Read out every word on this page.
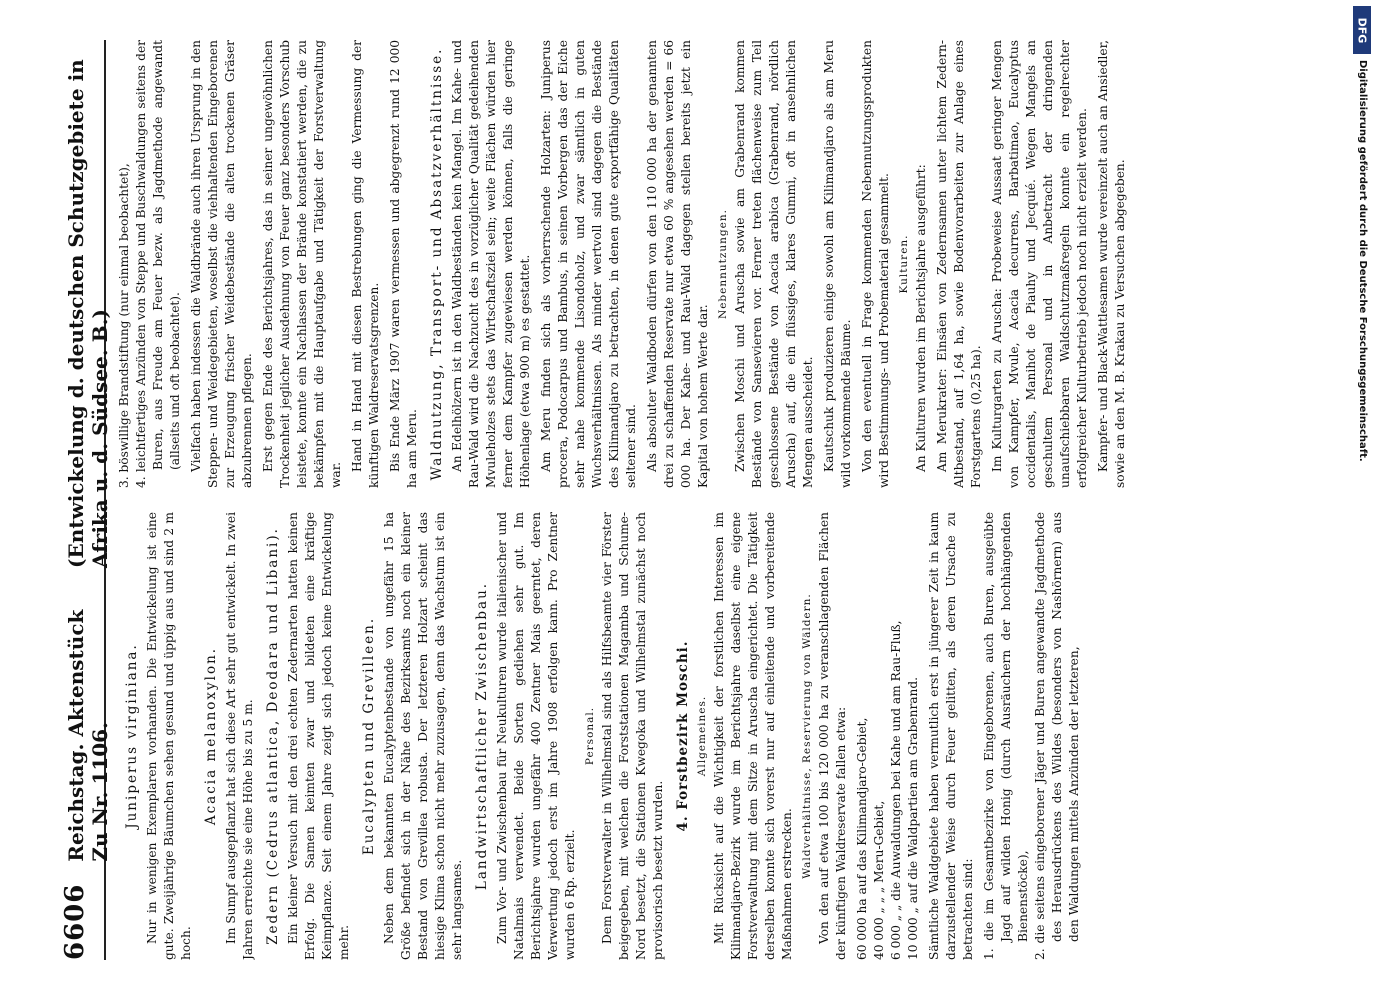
6606
Reichstag. Aktenstück Zu Nr. 1106.
(Entwickelung d. deutschen Schutzgebiete in Afrika u. d. Südsee. B.)
Juniperus virginiana. Nur in wenigen Exemplaren vorhanden. Die Entwickelung ist eine gute. Zweijährige Bäumchen sehen gesund und üppig aus und sind 2 m hoch.

Acacia melanoxylon. Im Sumpf ausgepflanzt hat sich diese Art sehr gut entwickelt. In zwei Jahren erreichte sie eine Höhe bis zu 5 m. Zedern (Cedrus atlantica, Deodara und Libani). Ein kleiner Versuch mit den drei echten Zedernarten hatten keinen Erfolg. Die Samen keimten zwar und bildeten eine kräftige Keimpflanze. Seit einem Jahre zeigt sich jedoch keine Entwickelung mehr.

Eucalypten und Grevilleen. Neben dem bekannten Eucalyptenbestande von ungefähr 15 ha Größe befindet sich in der Nähe des Bezirksamts noch ein kleiner Bestand von Grevillea robusta. Der letzteren Holzart scheint das hiesige Klima schon nicht mehr zuzusagen, denn das Wachstum ist ein sehr langsames.

Landwirtschaftlicher Zwischenbau. Zum Vor- und Zwischenbau für Neukulturen wurde italienischer und Natalmais verwendet. Beide Sorten gediehen sehr gut. Im Berichtsjahre wurden ungefähr 400 Zentner Mais geerntet, deren Verwertung jedoch erst im Jahre 1908 erfolgen kann. Pro Zentner wurden 6 Rp. erzielt.

Personal. Dem Forstverwalter in Wilhelmstal sind als Hilfsbeamte vier Förster beigegeben, mit welchen die Forststationen Magamba und Schume-Nord besetzt, die Stationen Kwegoka und Wilhelmstal zunächst noch provisorisch besetzt wurden.

4. Forstbezirk Moschi. Allgemeines. Mit Rücksicht auf die Wichtigkeit der forstlichen Interessen im Kilimandjaro-Bezirk wurde im Berichtsjahre daselbst eine eigene Forstverwaltung mit dem Sitze in Aruscha eingerichtet. Die Tätigkeit derselben konnte sich vorerst nur auf einleitende und vorbereitende Maßnahmen erstrecken.

Waldverhältnisse, Reservierung von Wäldern. Von den auf etwa 100 bis 120 000 ha zu veranschlagenden Flächen der künftigen Waldreservate fallen etwa: 60 000 ha auf das Kilimandjaro-Gebiet, 40 000 „ „ „ Meru-Gebiet, 6 000 „ „ die Auwaldungen bei Kahe und am Rau-Fluß, 10 000 „ auf die Waldpartien am Grabenrand. Sämtliche Waldgebiete haben vermutlich erst in jüngerer Zeit in kaum darzustellender Weise durch Feuer gelitten, als deren Ursache zu betrachten sind: 1. die im Gesamtbezirke von Eingeborenen, auch Buren, ausgeübte Jagd auf wilden Honig (durch Ausräuchern der hochhängenden Bienenstöcke), 2. die seitens eingeborener Jäger und Buren angewandte Jagdmethode des Herausdrückens des Wildes (besonders von Nashörnern) aus den Waldungen mittels Anzünden der letzteren,
3. böswillige Brandstiftung (nur einmal beobachtet), 4. leichtfertiges Anzünden von Steppe und Buschwaldungen seitens der Buren, aus Freude am Feuer bezw. als Jagdmethode angewandt (allseits und oft beobachtet). Vielfach haben indessen die Waldbrände auch ihren Ursprung in den Steppen- und Weidegebieten, woselbst die viehhaltenden Eingeborenen zur Erzeugung frischer Weidebestände die alten trockenen Gräser abzubrennen pflegen. Erst gegen Ende des Berichtsjahres, das in seiner ungewöhnlichen Trockenheit jeglicher Ausdehnung von Feuer ganz besonders Vorschub leistete, konnte ein Nachlassen der Brände konstatiert werden, die zu bekämpfen mit die Hauptaufgabe und Tätigkeit der Forstverwaltung war.

Hand in Hand mit diesen Bestrebungen ging die Vermessung der künftigen Waldreservatsgrenzen. Bis Ende März 1907 waren vermessen und abgegrenzt rund 12 000 ha am Meru. Waldnutzung, Transport- und Absatzverhältnisse. An Edelhölzern ist in den Waldbeständen kein Mangel. Im Kahe- und Rau-Wald wird die Nachzucht des in vorzüglicher Qualität gedeihenden Mvuleholzes stets das Wirtschaftsziel sein; weite Flächen würden hier ferner dem Kampfer zugewiesen werden können, falls die geringe Höhenlage (etwa 900 m) es gestattet. Am Meru finden sich als vorherrschende Holzarten: Juniperus procera, Podocarpus und Bambus, in seinen Vorbergen das der Eiche sehr nahe kommende Lisondoholz, und zwar sämtlich in guten Wuchsverhältnissen. Als minder wertvoll sind dagegen die Bestände des Kilimandjaro zu betrachten, in denen gute exportfähige Qualitäten seltener sind. Als absoluter Waldboden dürfen von den 110 000 ha der genannten drei zu schaffenden Reservate nur etwa 60 % angesehen werden = 66 000 ha. Der Kahe- und Rau-Wald dagegen stellen bereits jetzt ein Kapital von hohem Werte dar.

Nebennutzungen. Zwischen Moschi und Aruscha sowie am Grabenrand kommen Bestände von Sansevieren vor. Ferner treten flächenweise zum Teil geschlossene Bestände von Acacia arabica (Grabenrand, nördlich Aruscha) auf, die ein flüssiges, klares Gummi, oft in ansehnlichen Mengen ausscheidet. Kautschuk produzieren einige sowohl am Kilimandjaro als am Meru wild vorkommende Bäume. Von den eventuell in Frage kommenden Nebennutzungsprodukten wird Bestimmungs- und Probematerial gesammelt. Kulturen. An Kulturen wurden im Berichtsjahre ausgeführt: Am Merukrater: Einsäen von Zedernsamen unter lichtem Zedern-Altbestand, auf 1,64 ha, sowie Bodenvorarbeiten zur Anlage eines Forstgartens (0,25 ha). Im Kulturgarten zu Aruscha: Probeweise Aussaat geringer Mengen von Kampfer, Mvule, Acacia decurrens, Barbatimao, Eucalyptus occidentalis, Manihot de Piauhy und Jecquié. Wegen Mangels an geschultem Personal und in Anbetracht der dringenden unaufschiebbaren Waldschutzmaßregeln konnte ein regelrechter erfolgreicher Kulturbetrieb jedoch noch nicht erzielt werden. Kampfer- und Black-Wattlesamen wurde vereinzelt auch an Ansiedler, sowie an den M. B. Krakau zu Versuchen abgegeben.

DFG
Digitalisierung gefördert durch die Deutsche Forschungsgemeinschaft.
